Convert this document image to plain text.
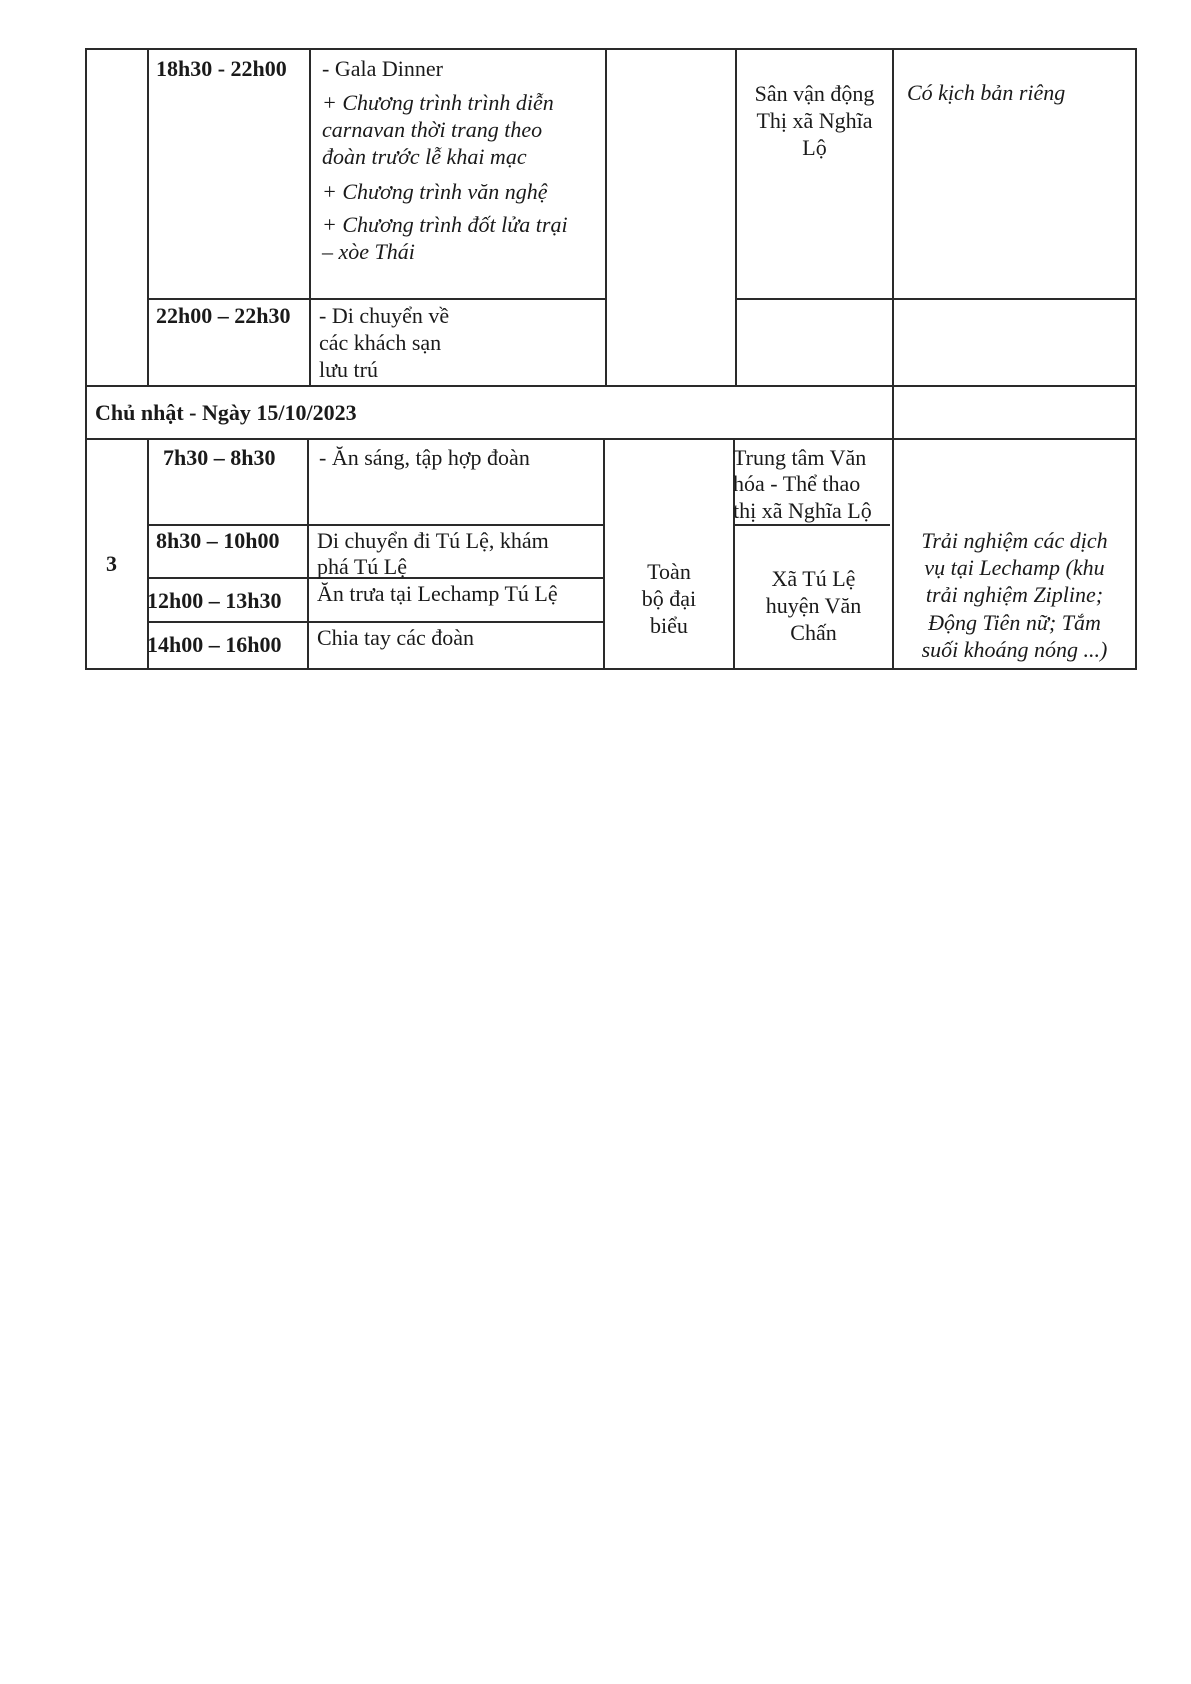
18h30 - 22h00 - Gala Dinner
+ Chương trình trình diễn
carnavan thời trang theo
đoàn trước lễ khai mạc
+ Chương trình văn nghệ
+ Chương trình đốt lửa trại
– xòe Thái
Sân vận động
Thị xã Nghĩa
Lộ
Có kịch bản riêng
22h00 – 22h30 - Di chuyển về
các khách sạn
lưu trú
Chủ nhật - Ngày 15/10/2023
3
7h30 – 8h30 - Ăn sáng, tập hợp đoàn	Trung tâm Văn
hóa - Thể thao
thị xã Nghĩa Lộ
8h30 – 10h00 Di chuyển đi Tú Lệ, khám
phá Tú Lệ
12h00 – 13h30 Ăn trưa tại Lechamp Tú Lệ
14h00 – 16h00 Chia tay các đoàn
Toàn
bộ đại
biểu
Xã Tú Lệ
huyện Văn
Chấn
Trải nghiệm các dịch
vụ tại Lechamp (khu
trải nghiệm Zipline;
Động Tiên nữ; Tắm
suối khoáng nóng ...)
